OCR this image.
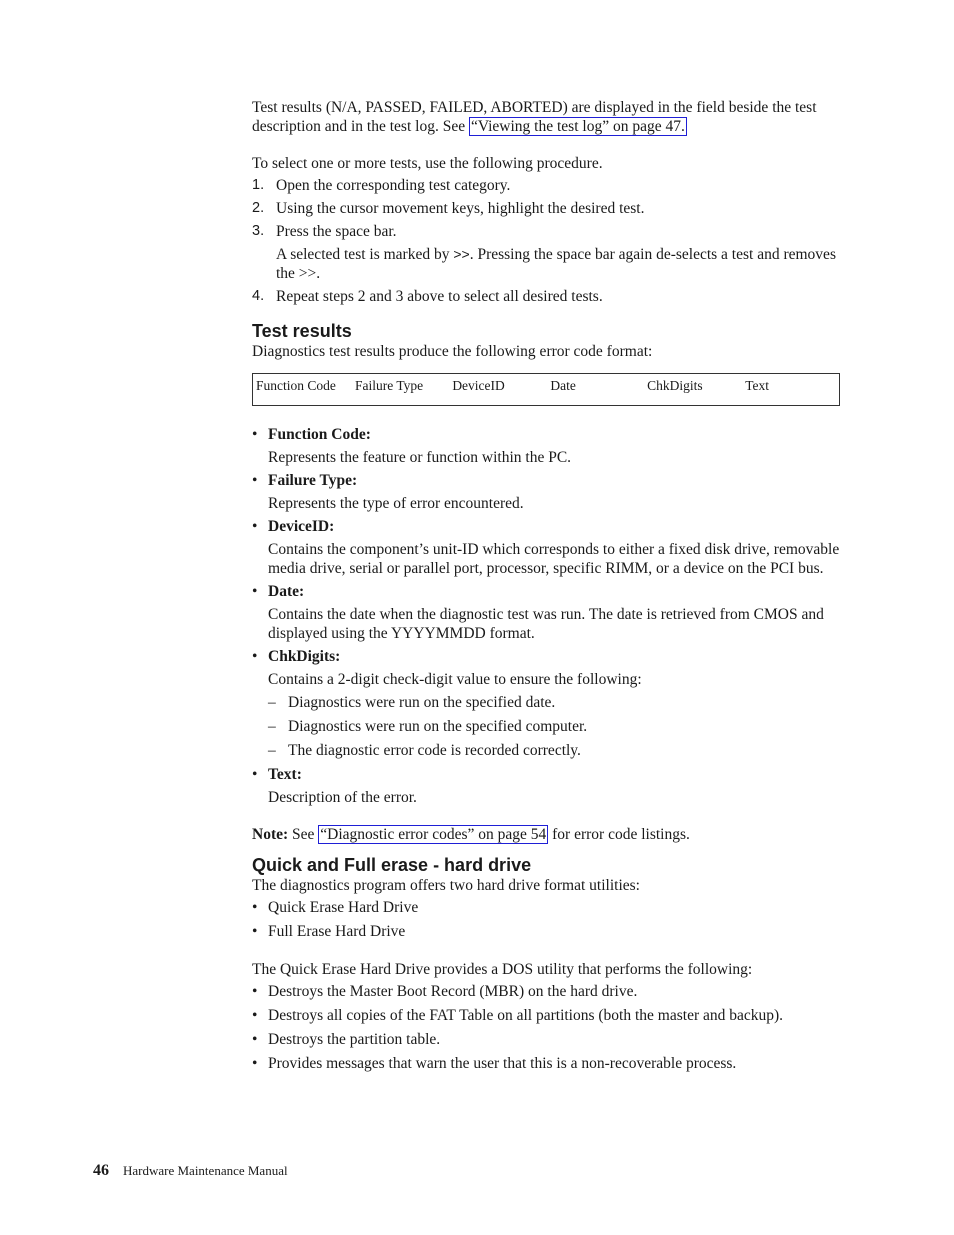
Test results (N/A, PASSED, FAILED, ABORTED) are displayed in the field beside the test description and in the test log. See “Viewing the test log” on page 47.

To select one or more tests, use the following procedure.

1. Open the corresponding test category.
2. Using the cursor movement keys, highlight the desired test.
3. Press the space bar.
A selected test is marked by >>. Pressing the space bar again de-selects a test and removes the >>.
4. Repeat steps 2 and 3 above to select all desired tests.
Test results

Diagnostics test results produce the following error code format:

Function Code	Failure Type	DeviceID	Date	ChkDigits	Text
• Function Code:
Represents the feature or function within the PC.
• Failure Type:
Represents the type of error encountered.
• DeviceID:
Contains the component’s unit-ID which corresponds to either a fixed disk drive, removable media drive, serial or parallel port, processor, specific RIMM, or a device on the PCI bus.
• Date:
Contains the date when the diagnostic test was run. The date is retrieved from CMOS and displayed using the YYYYMMDD format.
• ChkDigits:
Contains a 2-digit check-digit value to ensure the following:
– Diagnostics were run on the specified date.
– Diagnostics were run on the specified computer.
– The diagnostic error code is recorded correctly.
• Text:
Description of the error.

Note: See “Diagnostic error codes” on page 54 for error code listings.

Quick and Full erase - hard drive

The diagnostics program offers two hard drive format utilities:

• Quick Erase Hard Drive
• Full Erase Hard Drive

The Quick Erase Hard Drive provides a DOS utility that performs the following:

• Destroys the Master Boot Record (MBR) on the hard drive.
• Destroys all copies of the FAT Table on all partitions (both the master and backup).
• Destroys the partition table.
• Provides messages that warn the user that this is a non-recoverable process.
46 Hardware Maintenance Manual
